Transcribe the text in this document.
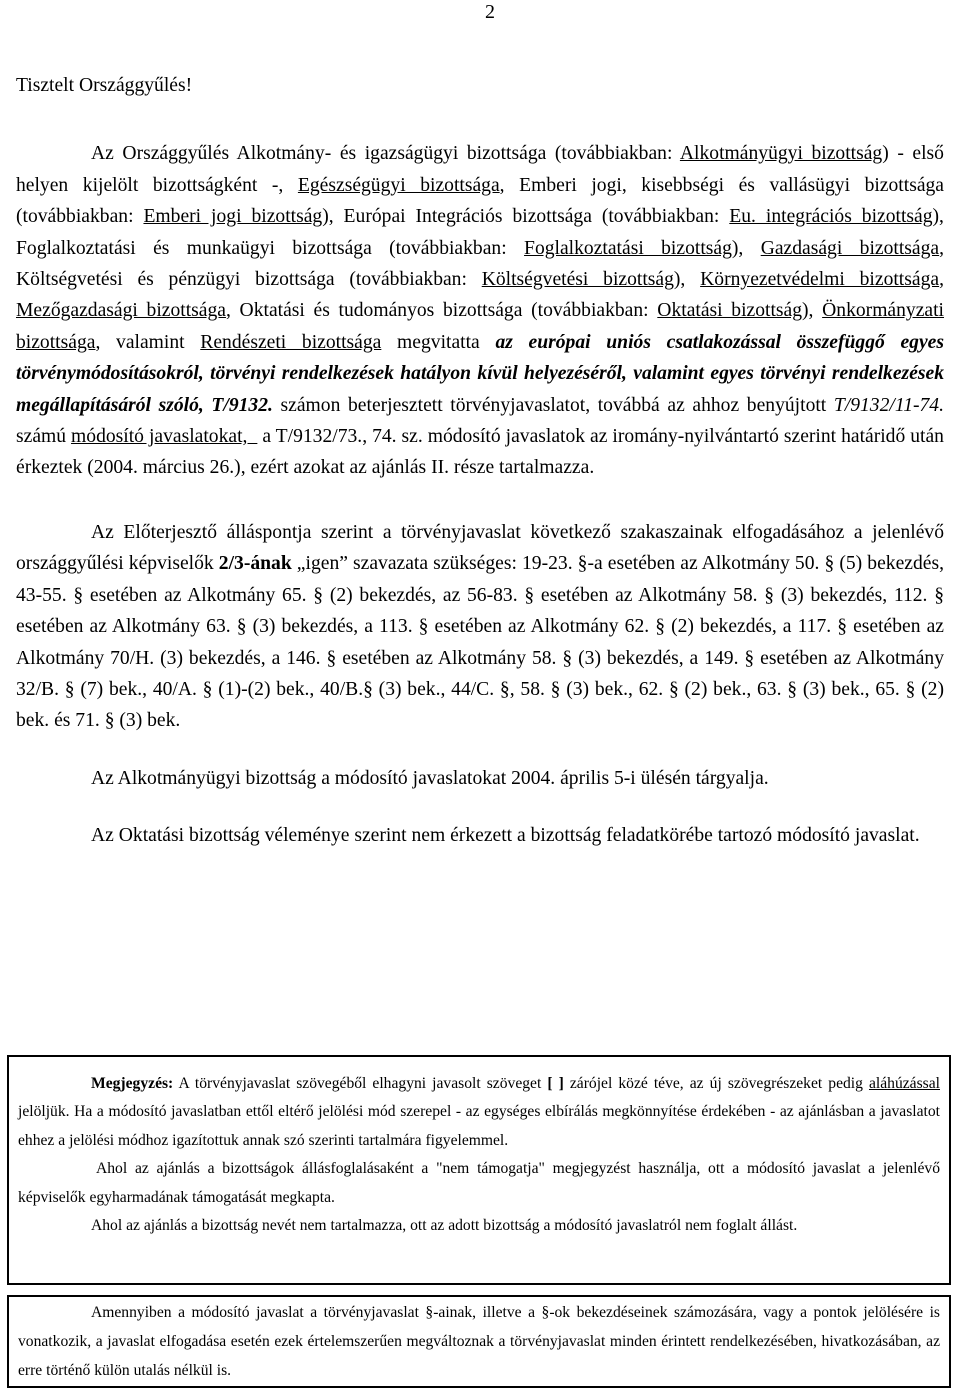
2

Tisztelt Országgyűlés!

Az Országgyűlés Alkotmány- és igazságügyi bizottsága (továbbiakban: Alkotmányügyi bizottság) - első helyen kijelölt bizottságként -, Egészségügyi bizottsága, Emberi jogi, kisebbségi és vallásügyi bizottsága (továbbiakban: Emberi jogi bizottság), Európai Integrációs bizottsága (továbbiakban: Eu. integrációs bizottság), Foglalkoztatási és munkaügyi bizottsága (továbbiakban: Foglalkoztatási bizottság), Gazdasági bizottsága, Költségvetési és pénzügyi bizottsága (továbbiakban: Költségvetési bizottság), Környezetvédelmi bizottsága, Mezőgazdasági bizottsága, Oktatási és tudományos bizottsága (továbbiakban: Oktatási bizottság), Önkormányzati bizottsága, valamint Rendészeti bizottsága megvitatta az európai uniós csatlakozással összefüggő egyes törvénymódosításokról, törvényi rendelkezések hatályon kívül helyezéséről, valamint egyes törvényi rendelkezések megállapításáról szóló, T/9132. számon beterjesztett törvényjavaslatot, továbbá az ahhoz benyújtott T/9132/11-74. számú módosító javaslatokat,   a T/9132/73., 74. sz. módosító javaslatok az iromány-nyilvántartó szerint határidő után érkeztek (2004. március 26.), ezért azokat az ajánlás II. része tartalmazza.

Az Előterjesztő álláspontja szerint a törvényjavaslat következő szakaszainak elfogadásához a jelenlévő országgyűlési képviselők 2/3-ának „igen” szavazata szükséges: 19-23. §-a esetében az Alkotmány 50. § (5) bekezdés, 43-55. § esetében az Alkotmány 65. § (2) bekezdés, az 56-83. § esetében az Alkotmány 58. § (3) bekezdés, 112. § esetében az Alkotmány 63. § (3) bekezdés, a 113. § esetében az Alkotmány 62. § (2) bekezdés, a 117. § esetében az Alkotmány 70/H. (3) bekezdés, a 146. § esetében az Alkotmány 58. § (3) bekezdés, a 149. § esetében az Alkotmány 32/B. § (7) bek., 40/A. § (1)-(2) bek., 40/B.§ (3) bek., 44/C. §, 58. § (3) bek., 62. § (2) bek., 63. § (3) bek., 65. § (2) bek. és 71. § (3) bek.

Az Alkotmányügyi bizottság a módosító javaslatokat 2004. április 5-i ülésén tárgyalja.

Az Oktatási bizottság véleménye szerint nem érkezett a bizottság feladatkörébe tartozó módosító javaslat.

Megjegyzés: A törvényjavaslat szövegéből elhagyni javasolt szöveget [ ] zárójel közé téve, az új szövegrészeket pedig aláhúzással jelöljük. Ha a módosító javaslatban ettől eltérő jelölési mód szerepel - az egységes elbírálás megkönnyítése érdekében - az ajánlásban a javaslatot ehhez a jelölési módhoz igazítottuk annak szó szerinti tartalmára figyelemmel.

Ahol az ajánlás a bizottságok állásfoglalásaként a "nem támogatja" megjegyzést használja, ott a módosító javaslat a jelenlévő képviselők egyharmadának támogatását megkapta.

Ahol az ajánlás a bizottság nevét nem tartalmazza, ott az adott bizottság a módosító javaslatról nem foglalt állást.

Amennyiben a módosító javaslat a törvényjavaslat §-ainak, illetve a §-ok bekezdéseinek számozására, vagy a pontok jelölésére is vonatkozik, a javaslat elfogadása esetén ezek értelemszerűen megváltoznak a törvényjavaslat minden érintett rendelkezésében, hivatkozásában, az erre történő külön utalás nélkül is.
